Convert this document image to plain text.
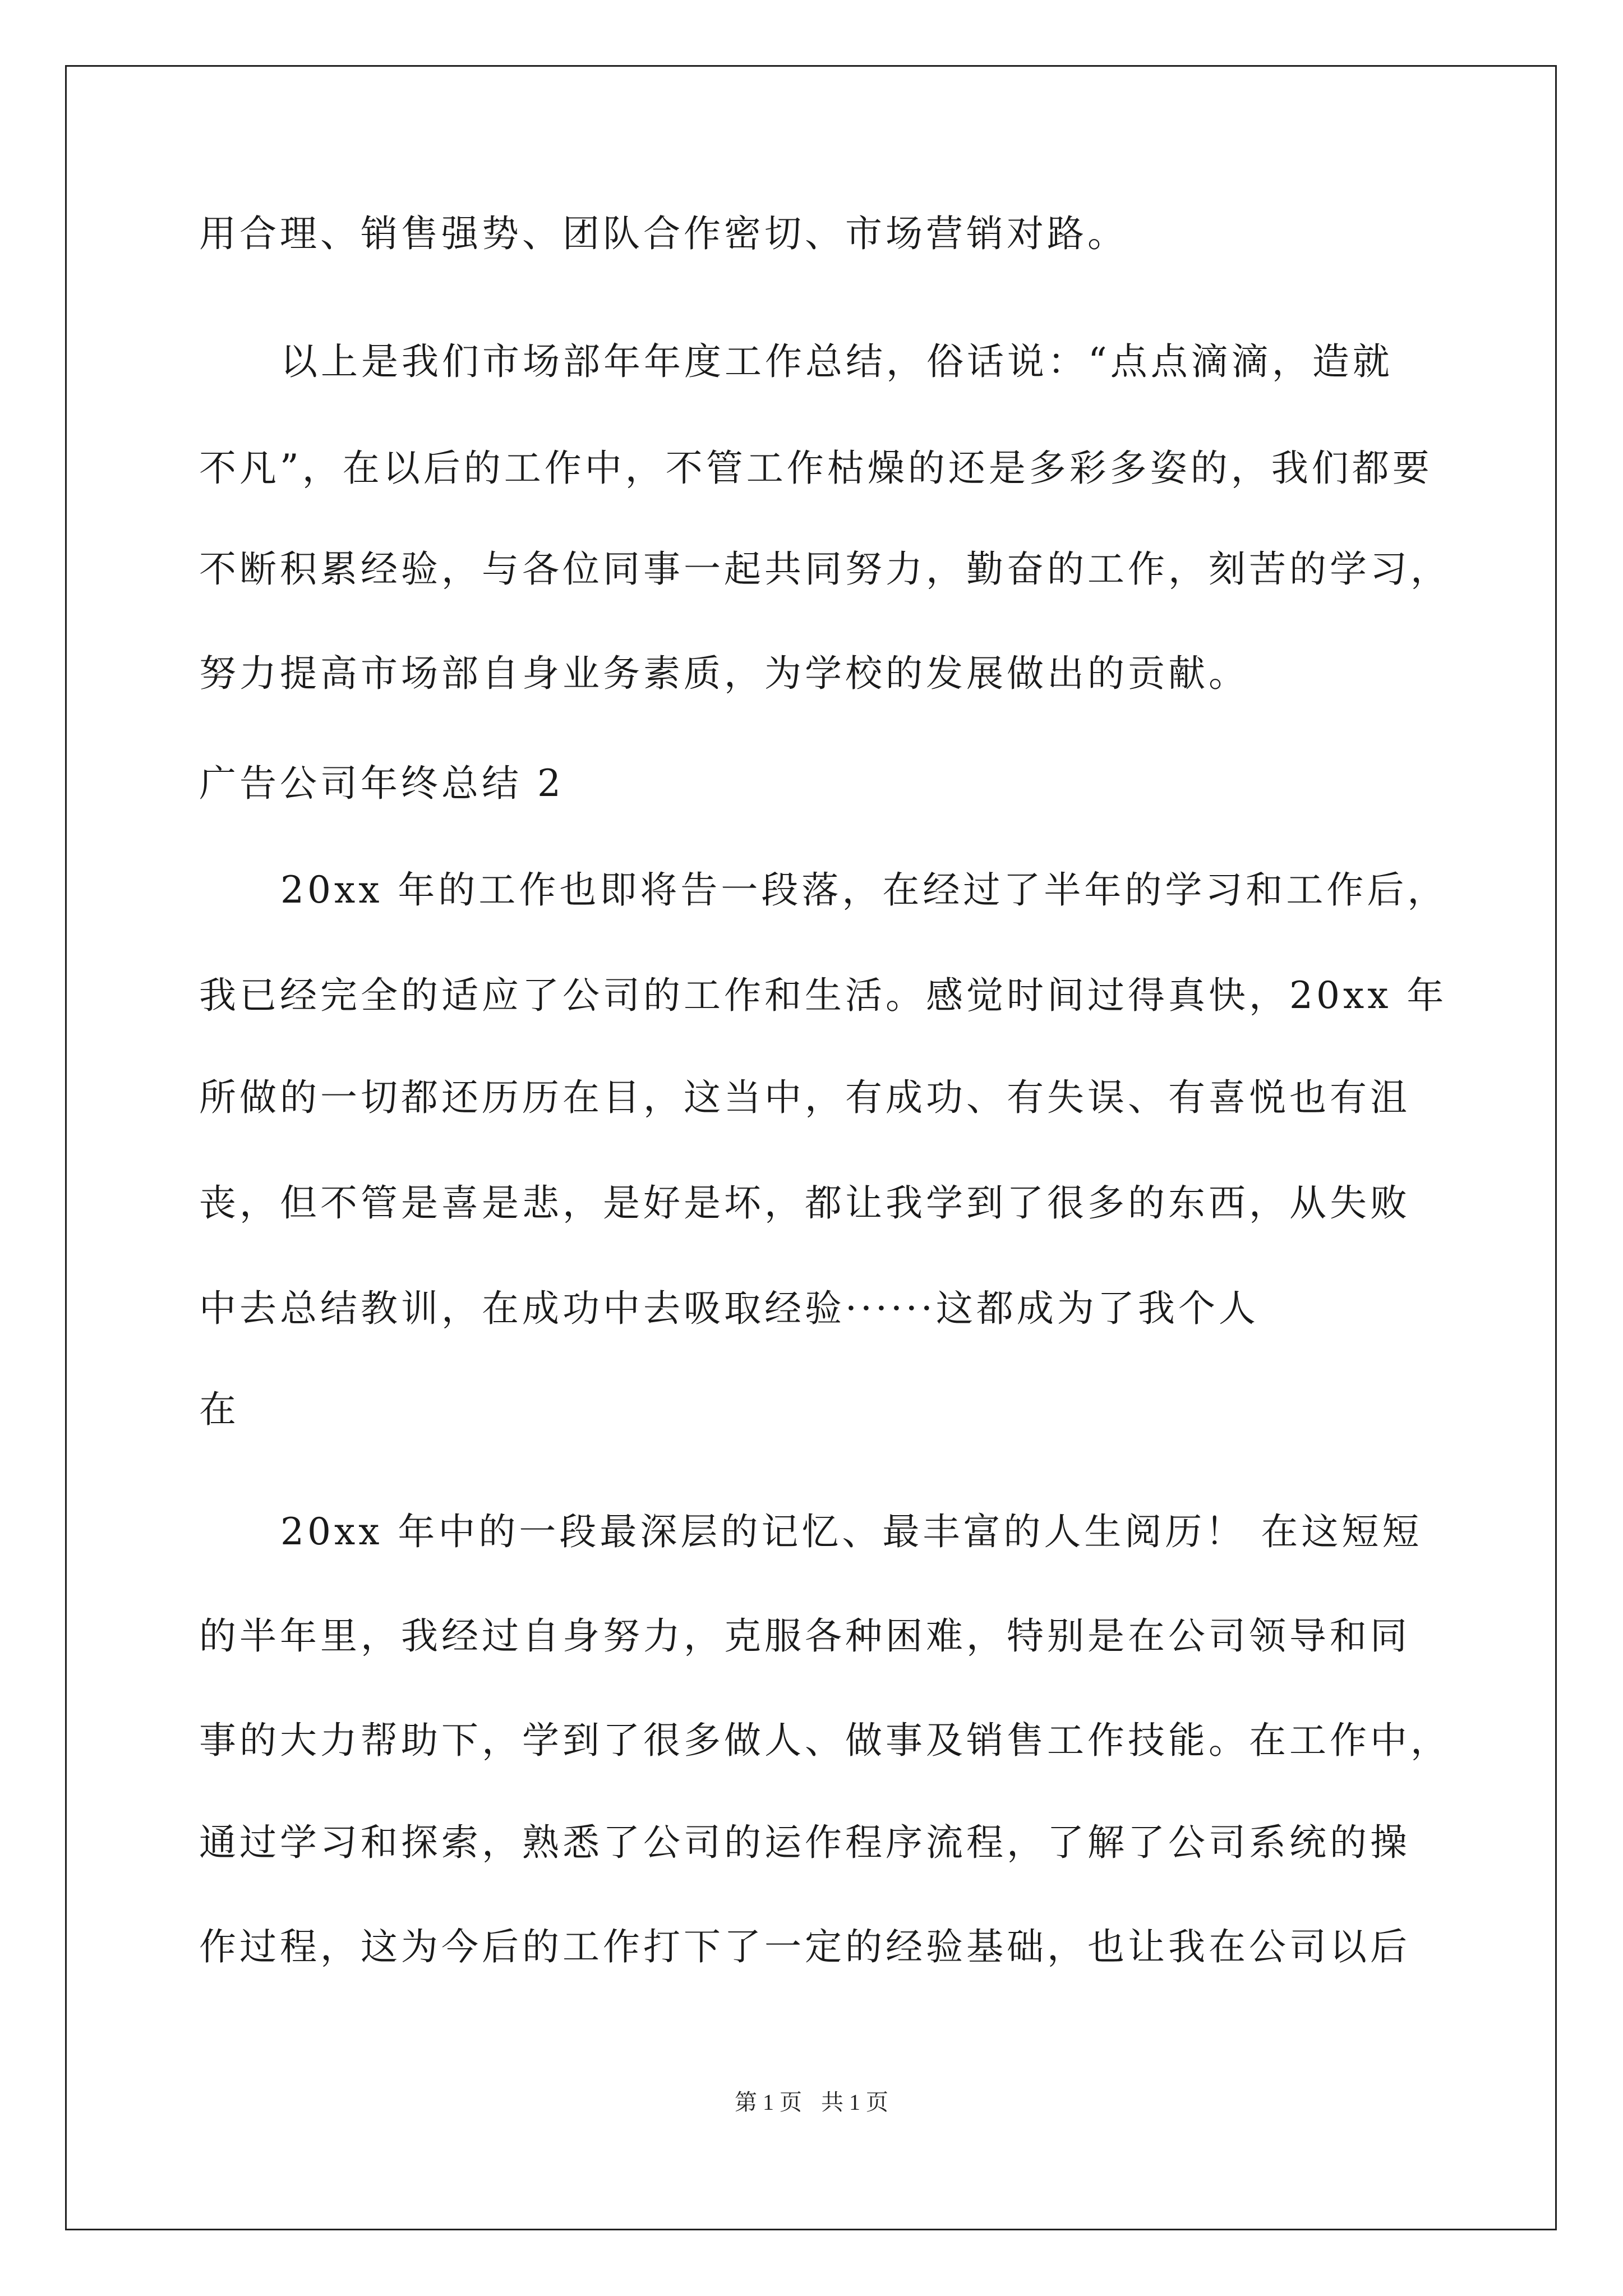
用合理、销售强势、团队合作密切、市场营销对路。
以上是我们市场部年年度工作总结，俗话说：“点点滴滴，造就
不凡”，在以后的工作中，不管工作枯燥的还是多彩多姿的，我们都要
不断积累经验，与各位同事一起共同努力，勤奋的工作，刻苦的学习，
努力提高市场部自身业务素质，为学校的发展做出的贡献。
广告公司年终总结 2
20xx 年的工作也即将告一段落，在经过了半年的学习和工作后，
我已经完全的适应了公司的工作和生活。感觉时间过得真快，20xx 年
所做的一切都还历历在目，这当中，有成功、有失误、有喜悦也有沮
丧，但不管是喜是悲，是好是坏，都让我学到了很多的东西，从失败
中去总结教训，在成功中去吸取经验······这都成为了我个人
在
20xx 年中的一段最深层的记忆、最丰富的人生阅历！ 在这短短
的半年里，我经过自身努力，克服各种困难，特别是在公司领导和同
事的大力帮助下，学到了很多做人、做事及销售工作技能。在工作中，
通过学习和探索，熟悉了公司的运作程序流程，了解了公司系统的操
作过程，这为今后的工作打下了一定的经验基础，也让我在公司以后
第 1 页 共 1 页
